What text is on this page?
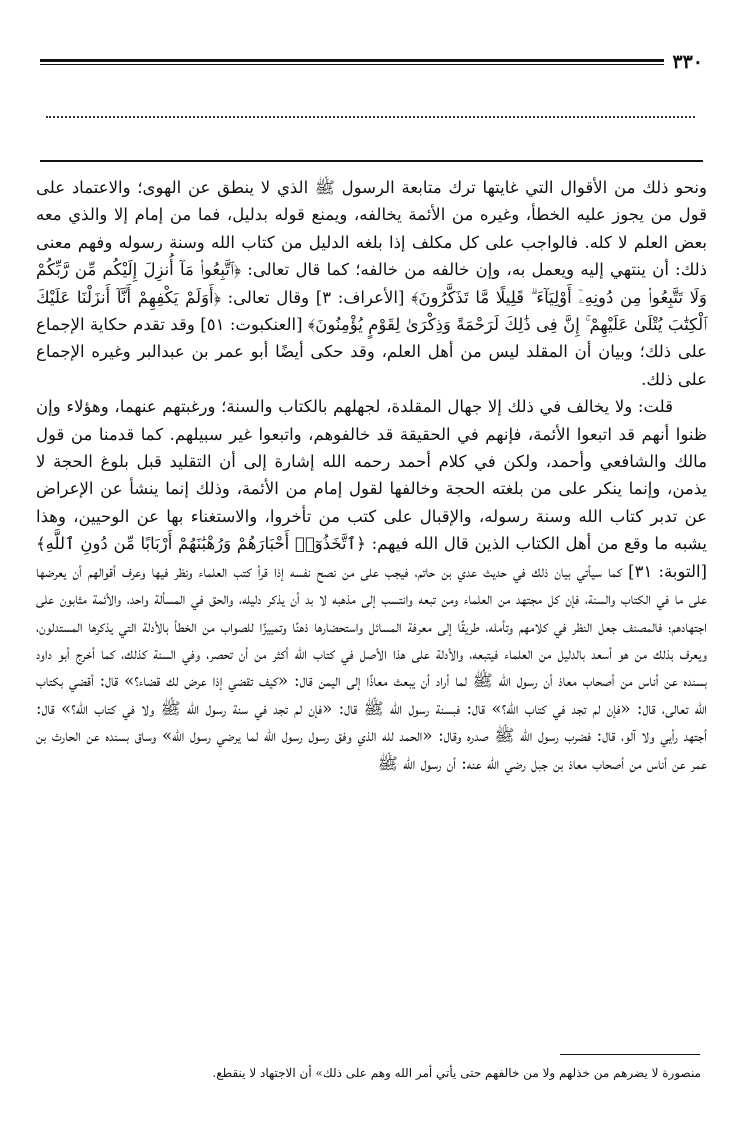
٣٣٠

ونحو ذلك من الأقوال التي غايتها ترك متابعة الرسول ﷺ الذي لا ينطق عن الهوى؛ والاعتماد على قول من يجوز عليه الخطأ، وغيره من الأئمة يخالفه، ويمنع قوله بدليل، فما من إمام إلا والذي معه بعض العلم لا كله. فالواجب على كل مكلف إذا بلغه الدليل من كتاب الله وسنة رسوله وفهم معنى ذلك: أن ينتهي إليه ويعمل به، وإن خالفه من خالفه؛ كما قال تعالى: ﴿ٱتَّبِعُوا۟ مَآ أُنزِلَ إِلَيْكُم مِّن رَّبِّكُمْ وَلَا تَتَّبِعُوا۟ مِن دُونِهِۦٓ أَوْلِيَآءَ ۗ قَلِيلًا مَّا تَذَكَّرُونَ﴾ [الأعراف: ٣] وقال تعالى: ﴿أَوَلَمْ يَكْفِهِمْ أَنَّآ أَنزَلْنَا عَلَيْكَ ٱلْكِتَٰبَ يُتْلَىٰ عَلَيْهِمْ ۚ إِنَّ فِى ذَٰلِكَ لَرَحْمَةً وَذِكْرَىٰ لِقَوْمٍ يُؤْمِنُونَ﴾ [العنكبوت: ٥١] وقد تقدم حكاية الإجماع على ذلك؛ وبيان أن المقلد ليس من أهل العلم، وقد حكى أيضًا أبو عمر بن عبدالبر وغيره الإجماع على ذلك.

قلت: ولا يخالف في ذلك إلا جهال المقلدة، لجهلهم بالكتاب والسنة؛ ورغبتهم عنهما، وهؤلاء وإن ظنوا أنهم قد اتبعوا الأئمة، فإنهم في الحقيقة قد خالفوهم، واتبعوا غير سبيلهم. كما قدمنا من قول مالك والشافعي وأحمد، ولكن في كلام أحمد رحمه الله إشارة إلى أن التقليد قبل بلوغ الحجة لا يذمن، وإنما ينكر على من بلغته الحجة وخالفها لقول إمام من الأئمة، وذلك إنما ينشأ عن الإعراض عن تدبر كتاب الله وسنة رسوله، والإقبال على كتب من تأخروا، والاستغناء بها عن الوحيين، وهذا يشبه ما وقع من أهل الكتاب الذين قال الله فيهم: ﴿ٱتَّخَذُوٓا۟ أَحْبَارَهُمْ وَرُهْبَٰنَهُمْ أَرْبَابًا مِّن دُونِ ٱللَّهِ﴾ [التوبة: ٣١] كما سيأتي بيان ذلك في حديث عدي بن حاتم، فيجب على من نصح نفسه إذا قرأ كتب العلماء ونظر فيها وعرف أقوالهم أن يعرضها على ما في الكتاب والسنة، فإن كل مجتهد من العلماء ومن تبعه وانتسب إلى مذهبه لا بد أن يذكر دليله، والحق في المسألة واحد، والأئمة مثابون على اجتهادهم؛ فالمصنف جعل النظر في كلامهم وتأمله، طريقًا إلى معرفة المسائل واستحضارها ذهنًا وتمييزًا للصواب من الخطأ بالأدلة التي يذكرها المستدلون، ويعرف بذلك من هو أسعد بالدليل من العلماء فيتبعه، والأدلة على هذا الأصل في كتاب الله أكثر من أن تحصر، وفي السنة كذلك، كما أخرج أبو داود بسنده عن أناس من أصحاب معاذ أن رسول الله ﷺ لما أراد أن يبعث معاذًا إلى اليمن قال: «كيف تقضي إذا عرض لك قضاء؟» قال: أقضي بكتاب الله تعالى، قال: «فإن لم تجد في كتاب الله؟» قال: فبسنة رسول الله ﷺ قال: «فإن لم تجد في سنة رسول الله ﷺ ولا في كتاب الله؟» قال: أجتهد رأيي ولا آلو، قال: فضرب رسول الله ﷺ صدره وقال: «الحمد لله الذي وفق رسول رسول الله لما يرضي رسول الله» وساق بسنده عن الحارث بن عمر عن أناس من أصحاب معاذ بن جبل رضي الله عنه: أن رسول الله ﷺ

منصورة لا يضرهم من خذلهم ولا من خالفهم حتى يأتي أمر الله وهم على ذلك» أن الاجتهاد لا ينقطع.
